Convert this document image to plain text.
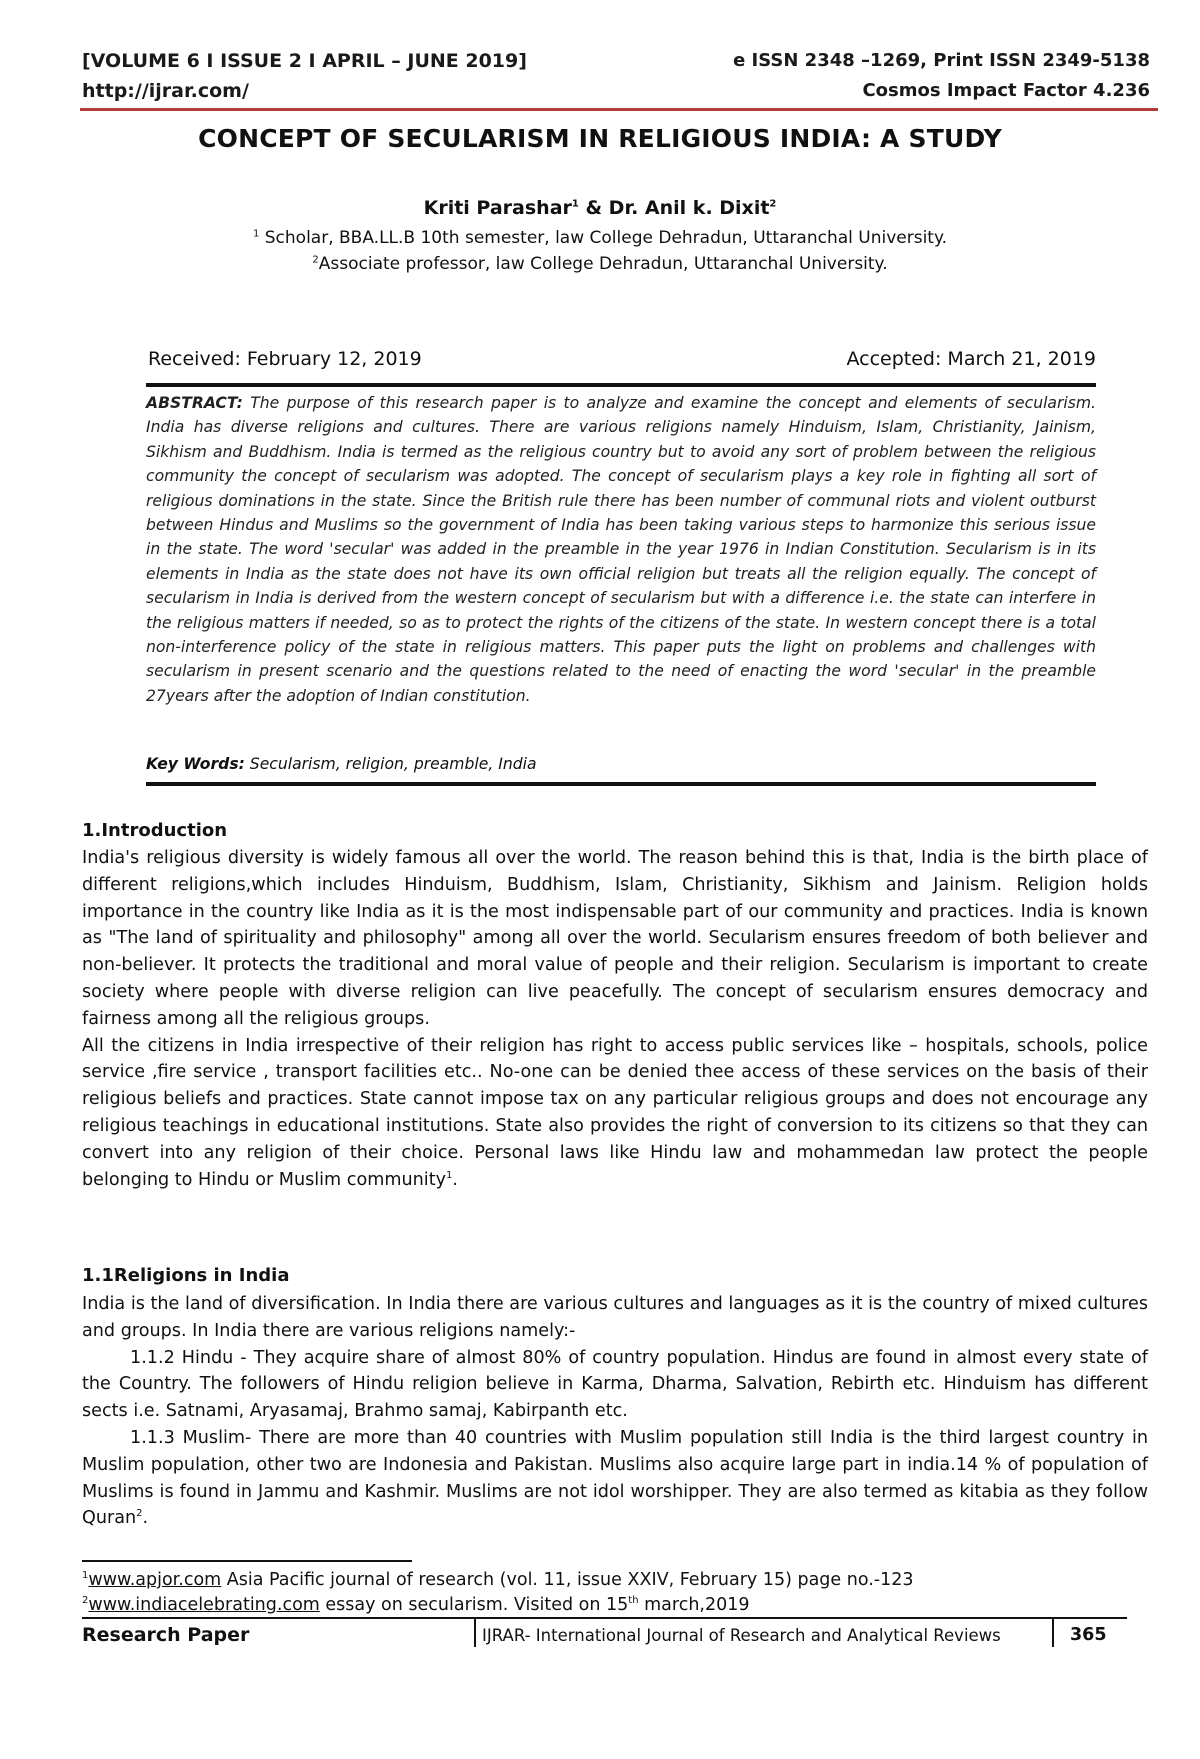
[VOLUME 6 I ISSUE 2 I APRIL – JUNE 2019]	e ISSN 2348 –1269, Print ISSN 2349-5138
http://ijrar.com/	Cosmos Impact Factor 4.236
CONCEPT OF SECULARISM IN RELIGIOUS INDIA: A STUDY
Kriti Parashar$^1$ & Dr. Anil k. Dixit$^2$
$^1$ Scholar, BBA.LL.B 10th semester, law College Dehradun, Uttaranchal University.
$^2$Associate professor, law College Dehradun, Uttaranchal University.
Received: February 12, 2019	Accepted: March 21, 2019
ABSTRACT: The purpose of this research paper is to analyze and examine the concept and elements of secularism. India has diverse religions and cultures. There are various religions namely Hinduism, Islam, Christianity, Jainism, Sikhism and Buddhism. India is termed as the religious country but to avoid any sort of problem between the religious community the concept of secularism was adopted. The concept of secularism plays a key role in fighting all sort of religious dominations in the state. Since the British rule there has been number of communal riots and violent outburst between Hindus and Muslims so the government of India has been taking various steps to harmonize this serious issue in the state. The word 'secular' was added in the preamble in the year 1976 in Indian Constitution. Secularism is in its elements in India as the state does not have its own official religion but treats all the religion equally. The concept of secularism in India is derived from the western concept of secularism but with a difference i.e. the state can interfere in the religious matters if needed, so as to protect the rights of the citizens of the state. In western concept there is a total non-interference policy of the state in religious matters. This paper puts the light on problems and challenges with secularism in present scenario and the questions related to the need of enacting the word 'secular' in the preamble 27years after the adoption of Indian constitution.
Key Words: Secularism, religion, preamble, India
1.Introduction

India's religious diversity is widely famous all over the world. The reason behind this is that, India is the birth place of different religions,which includes Hinduism, Buddhism, Islam, Christianity, Sikhism and Jainism. Religion holds importance in the country like India as it is the most indispensable part of our community and practices. India is known as "The land of spirituality and philosophy" among all over the world. Secularism ensures freedom of both believer and non-believer. It protects the traditional and moral value of people and their religion. Secularism is important to create society where people with diverse religion can live peacefully. The concept of secularism ensures democracy and fairness among all the religious groups.

All the citizens in India irrespective of their religion has right to access public services like – hospitals, schools, police service ,fire service , transport facilities etc.. No-one can be denied thee access of these services on the basis of their religious beliefs and practices. State cannot impose tax on any particular religious groups and does not encourage any religious teachings in educational institutions. State also provides the right of conversion to its citizens so that they can convert into any religion of their choice. Personal laws like Hindu law and mohammedan law protect the people belonging to Hindu or Muslim community$^1$.

1.1Religions in India

India is the land of diversification. In India there are various cultures and languages as it is the country of mixed cultures and groups. In India there are various religions namely:-

1.1.2 Hindu - They acquire share of almost 80% of country population. Hindus are found in almost every state of the Country. The followers of Hindu religion believe in Karma, Dharma, Salvation, Rebirth etc. Hinduism has different sects i.e. Satnami, Aryasamaj, Brahmo samaj, Kabirpanth etc.

1.1.3 Muslim- There are more than 40 countries with Muslim population still India is the third largest country in Muslim population, other two are Indonesia and Pakistan. Muslims also acquire large part in india.14 % of population of Muslims is found in Jammu and Kashmir. Muslims are not idol worshipper. They are also termed as kitabia as they follow Quran$^2$.

$^1$www.apjor.com Asia Pacific journal of research (vol. 11, issue XXIV, February 15) page no.-123
$^2$www.indiacelebrating.com essay on secularism. Visited on 15th march,2019
Research Paper	IJRAR- International Journal of Research and Analytical Reviews	365
